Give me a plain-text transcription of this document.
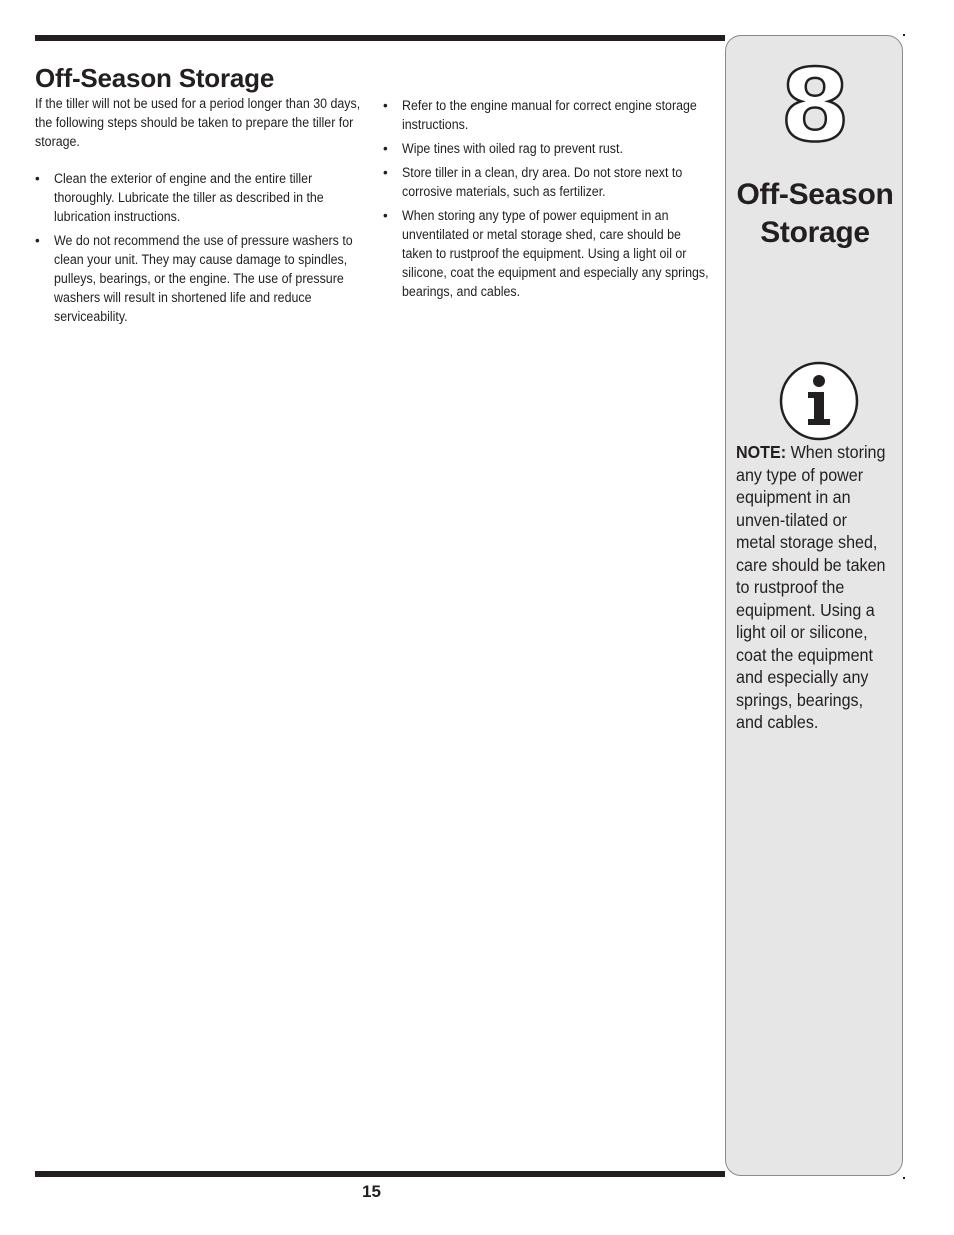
Off-Season Storage

If the tiller will not be used for a period longer than 30 days, the following steps should be taken to prepare the tiller for storage.

• Clean the exterior of engine and the entire tiller thoroughly. Lubricate the tiller as described in the lubrication instructions.
• We do not recommend the use of pressure washers to clean your unit. They may cause damage to spindles, pulleys, bearings, or the engine. The use of pressure washers will result in shortened life and reduce serviceability.
• Refer to the engine manual for correct engine storage instructions.
• Wipe tines with oiled rag to prevent rust.
• Store tiller in a clean, dry area. Do not store next to corrosive materials, such as fertilizer.
• When storing any type of power equipment in an unventilated or metal storage shed, care should be taken to rustproof the equipment. Using a light oil or silicone, coat the equipment and especially any springs, bearings, and cables.
8
Off-Season
Storage
NOTE: When storing any type of power equipment in an unven-tilated or metal storage shed, care should be taken to rustproof the equipment. Using a light oil or silicone, coat the equipment and especially any springs, bearings, and cables.
15
